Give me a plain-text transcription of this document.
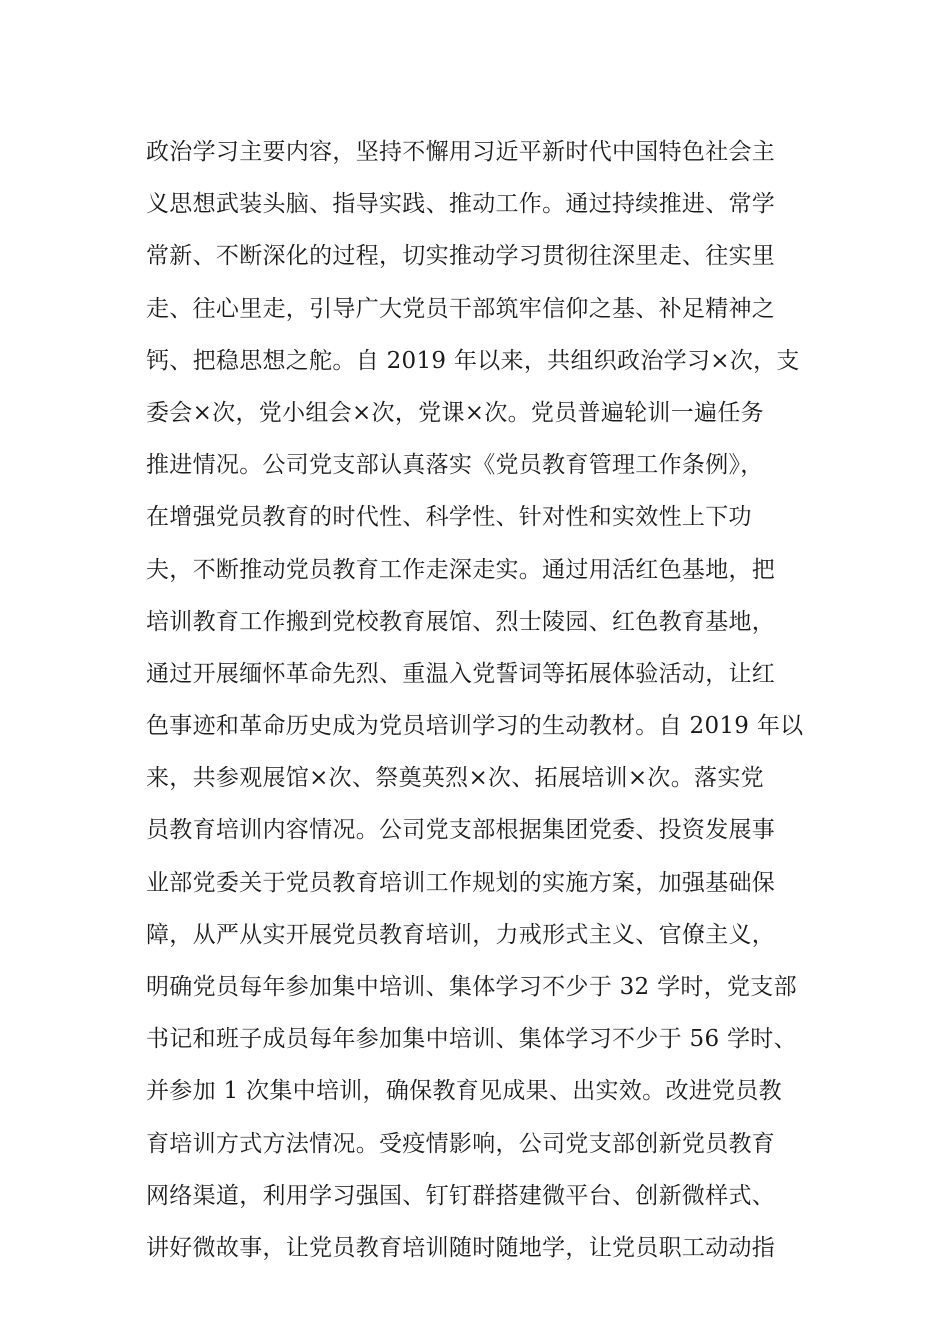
政治学习主要内容，坚持不懈用习近平新时代中国特色社会主
义思想武装头脑、指导实践、推动工作。通过持续推进、常学
常新、不断深化的过程，切实推动学习贯彻往深里走、往实里
走、往心里走，引导广大党员干部筑牢信仰之基、补足精神之
钙、把稳思想之舵。自 2019 年以来，共组织政治学习×次，支
委会×次，党小组会×次，党课×次。党员普遍轮训一遍任务
推进情况。公司党支部认真落实《党员教育管理工作条例》，
在增强党员教育的时代性、科学性、针对性和实效性上下功
夫，不断推动党员教育工作走深走实。通过用活红色基地，把
培训教育工作搬到党校教育展馆、烈士陵园、红色教育基地，
通过开展缅怀革命先烈、重温入党誓词等拓展体验活动，让红
色事迹和革命历史成为党员培训学习的生动教材。自 2019 年以
来，共参观展馆×次、祭奠英烈×次、拓展培训×次。落实党
员教育培训内容情况。公司党支部根据集团党委、投资发展事
业部党委关于党员教育培训工作规划的实施方案，加强基础保
障，从严从实开展党员教育培训，力戒形式主义、官僚主义，
明确党员每年参加集中培训、集体学习不少于 32 学时，党支部
书记和班子成员每年参加集中培训、集体学习不少于 56 学时、
并参加 1 次集中培训，确保教育见成果、出实效。改进党员教
育培训方式方法情况。受疫情影响，公司党支部创新党员教育
网络渠道，利用学习强国、钉钉群搭建微平台、创新微样式、
讲好微故事，让党员教育培训随时随地学，让党员职工动动指
